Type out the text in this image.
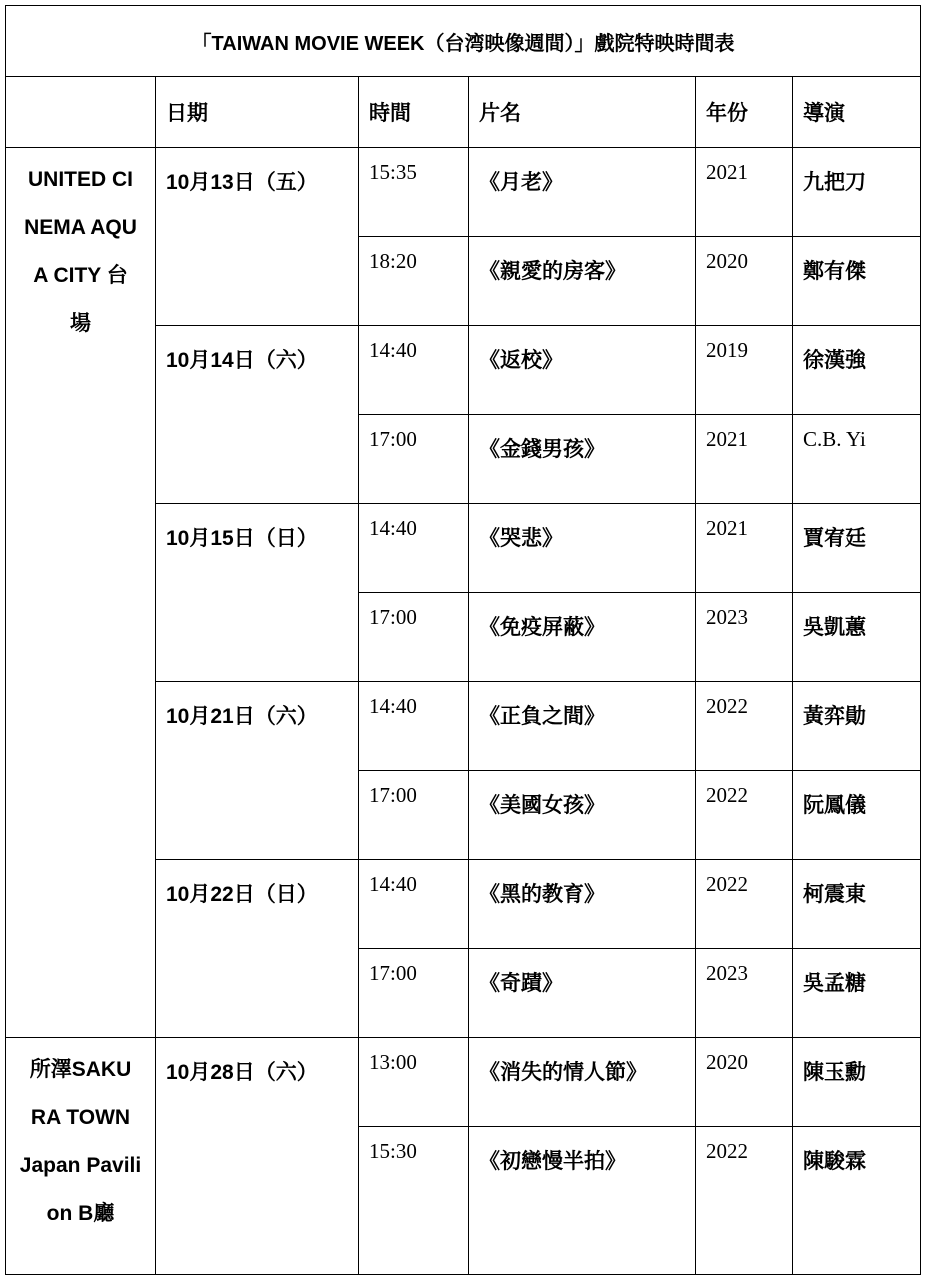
「TAIWAN MOVIE WEEK（台湾映像週間）」戲院特映時間表					
	日期	時間	片名	年份	導演

UNITED CI
NEMA AQU
A CITY 台
場	10月13日（五）	15:35	《月老》	2021	九把刀
		18:20	《親愛的房客》	2020	鄭有傑
	10月14日（六）	14:40	《返校》	2019	徐漢強
		17:00	《金錢男孩》	2021	C.B. Yi
	10月15日（日）	14:40	《哭悲》	2021	賈宥廷
		17:00	《免疫屏蔽》	2023	吳凱蕙
	10月21日（六）	14:40	《正負之間》	2022	黃弈勛
		17:00	《美國女孩》	2022	阮鳳儀
	10月22日（日）	14:40	《黑的教育》	2022	柯震東
		17:00	《奇蹟》	2023	吳孟糖

所澤SAKU
RA TOWN
Japan Pavili
on B廳	10月28日（六）	13:00	《消失的情人節》	2020	陳玉勳
		15:30	《初戀慢半拍》	2022	陳駿霖
